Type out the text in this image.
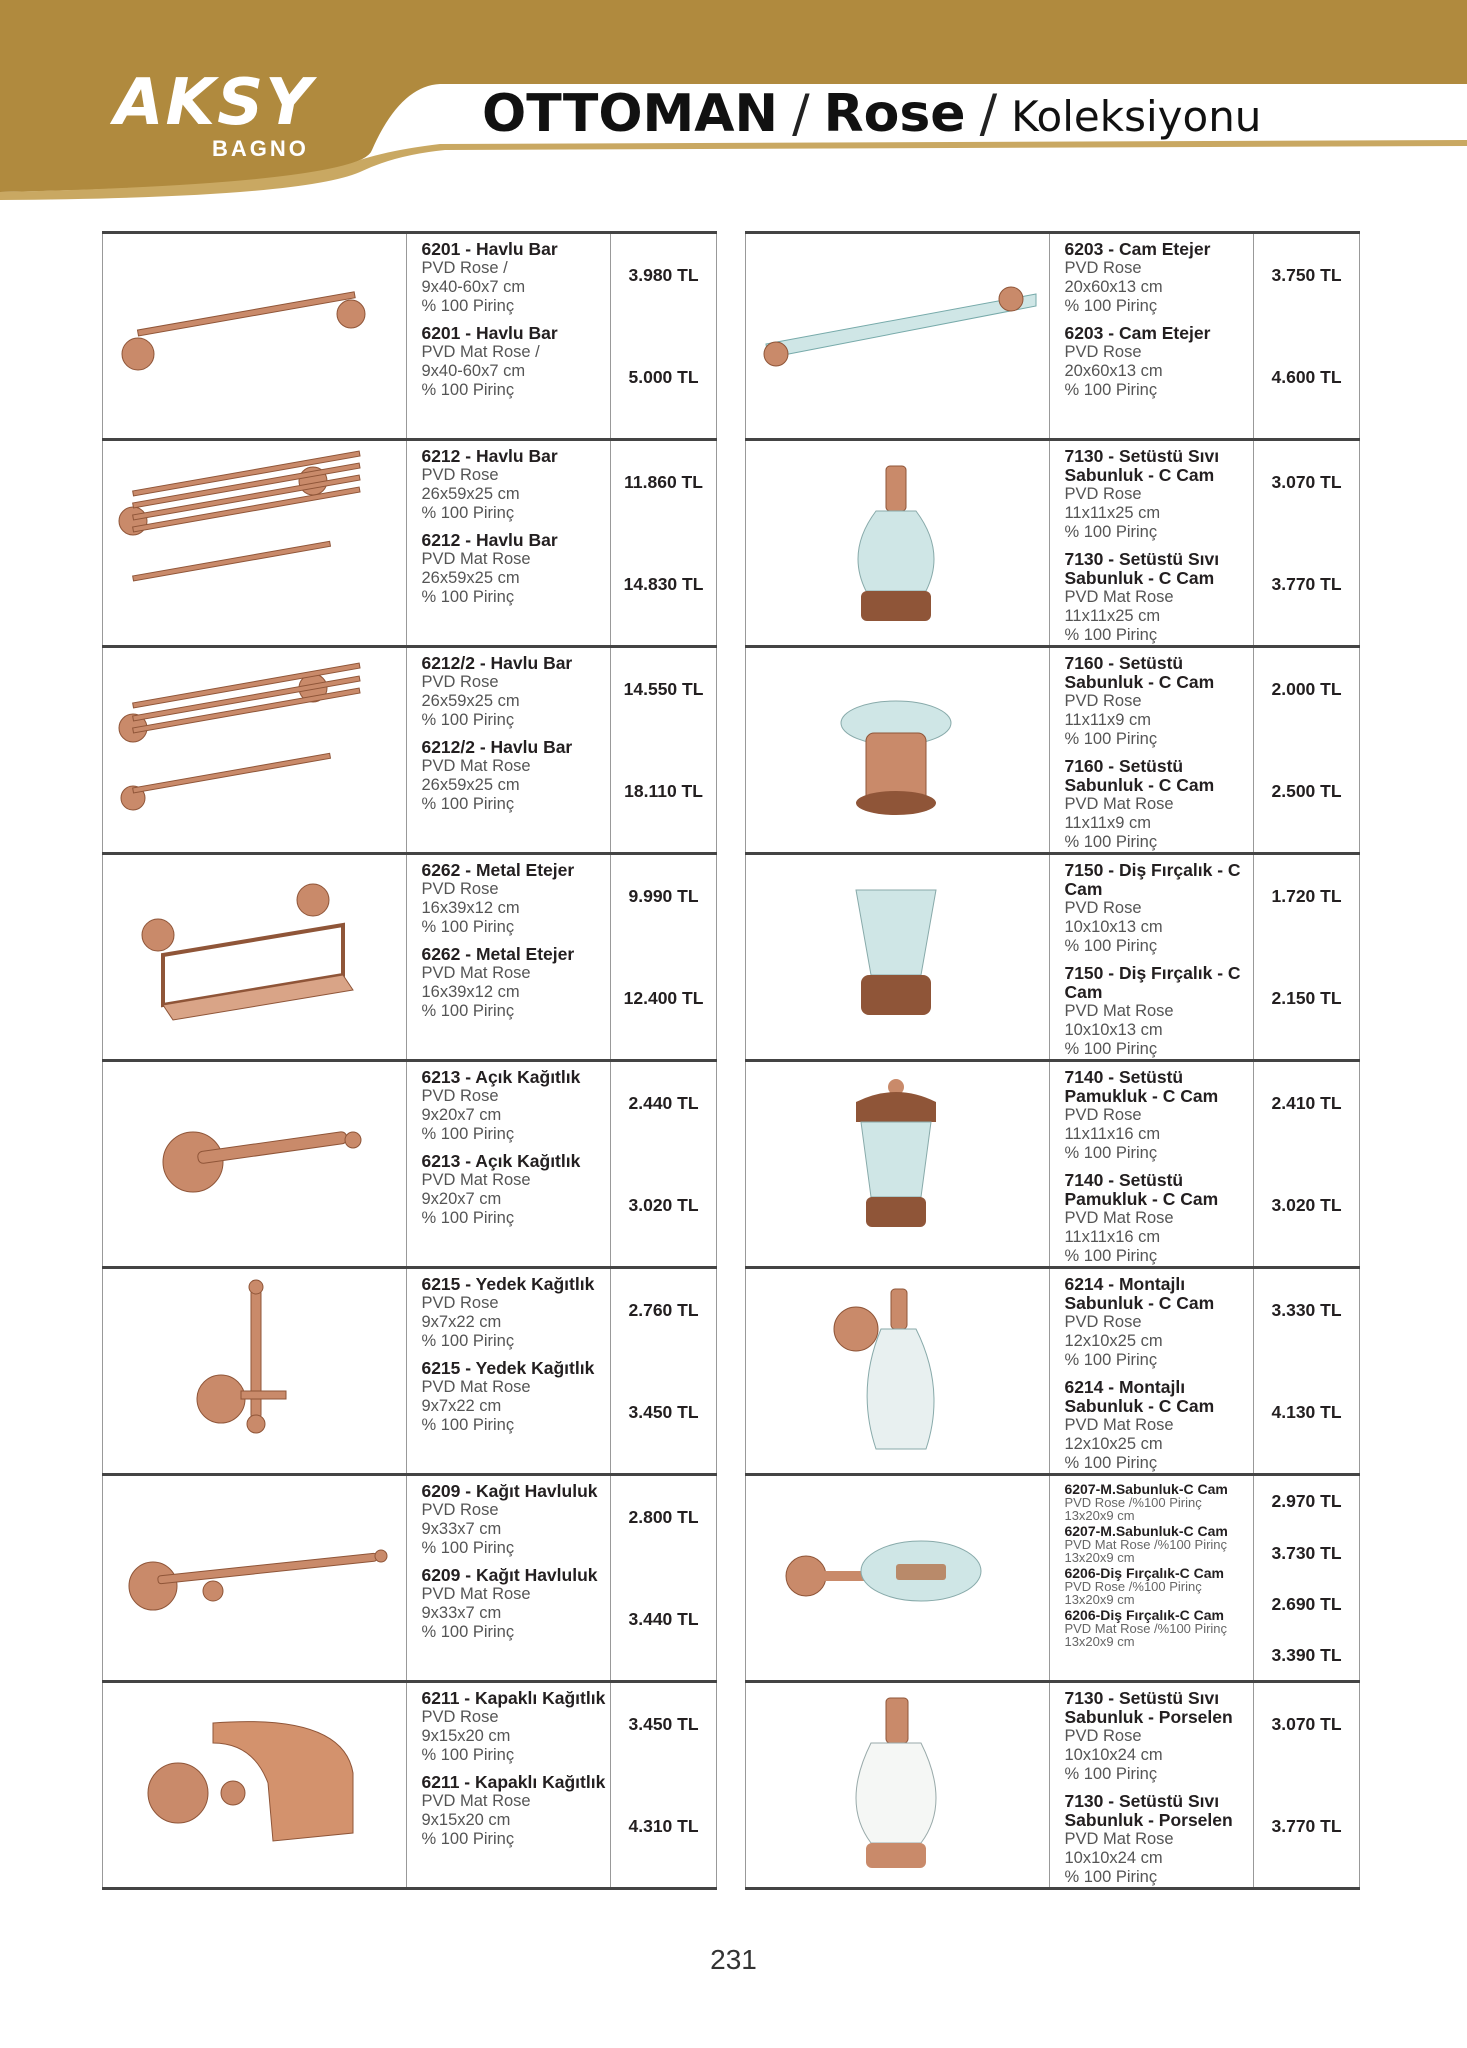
AKSY
BAGNO
OTTOMAN / Rose / Koleksiyonu
6201 - Havlu Bar
PVD Rose /
9x40-60x7 cm
% 100 Pirinç
6201 - Havlu Bar
PVD Mat Rose /
9x40-60x7 cm
% 100 Pirinç
3.980 TL
5.000 TL
6212 - Havlu Bar
PVD Rose
26x59x25 cm
% 100 Pirinç
6212 - Havlu Bar
PVD Mat Rose
26x59x25 cm
% 100 Pirinç
11.860 TL
14.830 TL
6212/2 - Havlu Bar
PVD Rose
26x59x25 cm
% 100 Pirinç
6212/2 - Havlu Bar
PVD Mat Rose
26x59x25 cm
% 100 Pirinç
14.550 TL
18.110 TL
6262 - Metal Etejer
PVD Rose
16x39x12 cm
% 100 Pirinç
6262 - Metal Etejer
PVD Mat Rose
16x39x12 cm
% 100 Pirinç
9.990 TL
12.400 TL
6213 - Açık Kağıtlık
PVD Rose
9x20x7 cm
% 100 Pirinç
6213 - Açık Kağıtlık
PVD Mat Rose
9x20x7 cm
% 100 Pirinç
2.440 TL
3.020 TL
6215 - Yedek Kağıtlık
PVD Rose
9x7x22 cm
% 100 Pirinç
6215 - Yedek Kağıtlık
PVD Mat Rose
9x7x22 cm
% 100 Pirinç
2.760 TL
3.450 TL
6209 - Kağıt Havluluk
PVD Rose
9x33x7 cm
% 100 Pirinç
6209 - Kağıt Havluluk
PVD Mat Rose
9x33x7 cm
% 100 Pirinç
2.800 TL
3.440 TL
6211 - Kapaklı Kağıtlık
PVD Rose
9x15x20 cm
% 100 Pirinç
6211 - Kapaklı Kağıtlık
PVD Mat Rose
9x15x20 cm
% 100 Pirinç
3.450 TL
4.310 TL
6203 - Cam Etejer
PVD Rose
20x60x13 cm
% 100 Pirinç
6203 - Cam Etejer
PVD Rose
20x60x13 cm
% 100 Pirinç
3.750 TL
4.600 TL
7130 - Setüstü Sıvı Sabunluk - C Cam
PVD Rose
11x11x25 cm
% 100 Pirinç
7130 - Setüstü Sıvı Sabunluk - C Cam
PVD Mat Rose
11x11x25 cm
% 100 Pirinç
3.070 TL
3.770 TL
7160 - Setüstü Sabunluk - C Cam
PVD Rose
11x11x9 cm
% 100 Pirinç
7160 - Setüstü Sabunluk - C Cam
PVD Mat Rose
11x11x9 cm
% 100 Pirinç
2.000 TL
2.500 TL
7150 - Diş Fırçalık - C Cam
PVD Rose
10x10x13 cm
% 100 Pirinç
7150 - Diş Fırçalık - C Cam
PVD Mat Rose
10x10x13 cm
% 100 Pirinç
1.720 TL
2.150 TL
7140 - Setüstü Pamukluk - C Cam
PVD Rose
11x11x16 cm
% 100 Pirinç
7140 - Setüstü Pamukluk - C Cam
PVD Mat Rose
11x11x16 cm
% 100 Pirinç
2.410 TL
3.020 TL
6214 - Montajlı Sabunluk - C Cam
PVD Rose
12x10x25 cm
% 100 Pirinç
6214 - Montajlı Sabunluk - C Cam
PVD Mat Rose
12x10x25 cm
% 100 Pirinç
3.330 TL
4.130 TL
6207-M.Sabunluk-C Cam
PVD Rose /%100 Pirinç
13x20x9 cm
6207-M.Sabunluk-C Cam
PVD Mat Rose /%100 Pirinç
13x20x9 cm
6206-Diş Fırçalık-C Cam
PVD Rose /%100 Pirinç
13x20x9 cm
6206-Diş Fırçalık-C Cam
PVD Mat Rose /%100 Pirinç
13x20x9 cm
2.970 TL
3.730 TL
2.690 TL
3.390 TL
7130 - Setüstü Sıvı Sabunluk - Porselen
PVD Rose
10x10x24 cm
% 100 Pirinç
7130 - Setüstü Sıvı Sabunluk - Porselen
PVD Mat Rose
10x10x24 cm
% 100 Pirinç
3.070 TL
3.770 TL
231
